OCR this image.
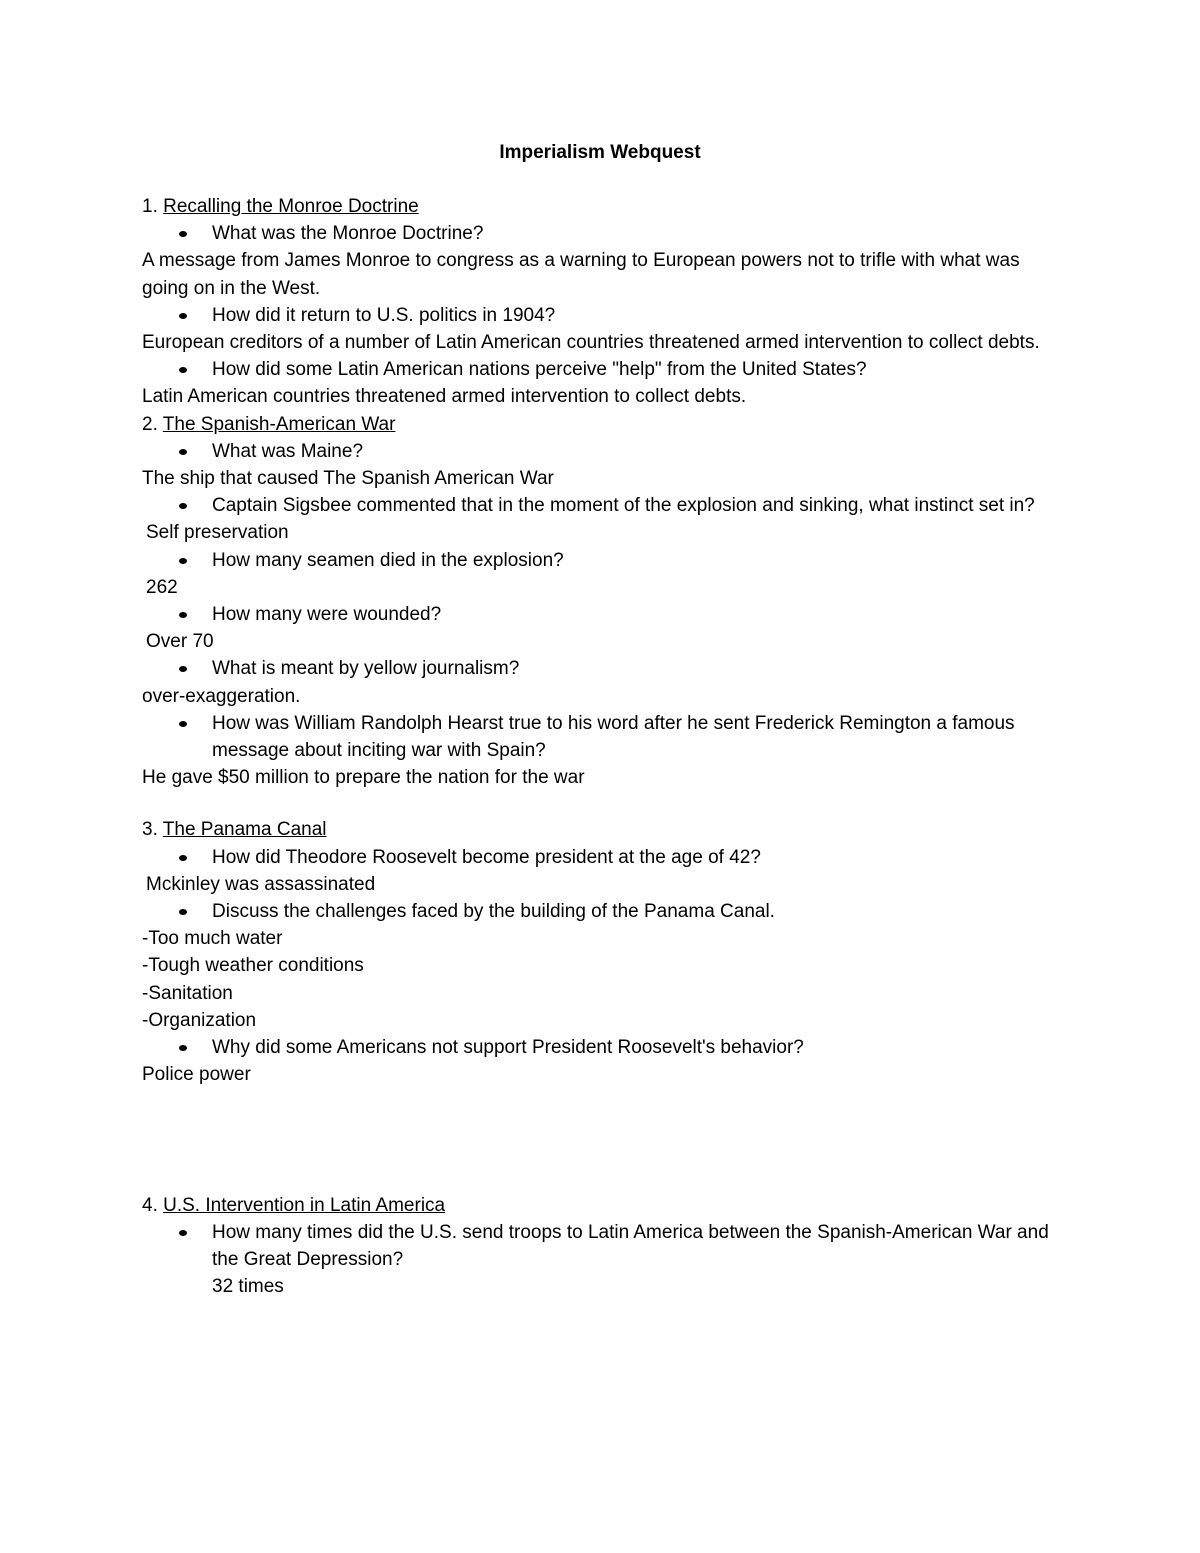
Imperialism Webquest
1. Recalling the Monroe Doctrine
What was the Monroe Doctrine?
A message from James Monroe to congress as a warning to European powers not to trifle with what was going on in the West.
How did it return to U.S. politics in 1904?
European creditors of a number of Latin American countries threatened armed intervention to collect debts.
How did some Latin American nations perceive "help" from the United States?
Latin American countries threatened armed intervention to collect debts.
2. The Spanish-American War
What was Maine?
The ship that caused The Spanish American War
Captain Sigsbee commented that in the moment of the explosion and sinking, what instinct set in?
Self preservation
How many seamen died in the explosion?
262
How many were wounded?
Over 70
What is meant by yellow journalism?
over-exaggeration.
How was William Randolph Hearst true to his word after he sent Frederick Remington a famous message about inciting war with Spain?
He gave $50 million to prepare the nation for the war
3. The Panama Canal
How did Theodore Roosevelt become president at the age of 42?
Mckinley was assassinated
Discuss the challenges faced by the building of the Panama Canal.
-Too much water
-Tough weather conditions
-Sanitation
-Organization
Why did some Americans not support President Roosevelt's behavior?
Police power
4. U.S. Intervention in Latin America
How many times did the U.S. send troops to Latin America between the Spanish-American War and the Great Depression?
32 times
